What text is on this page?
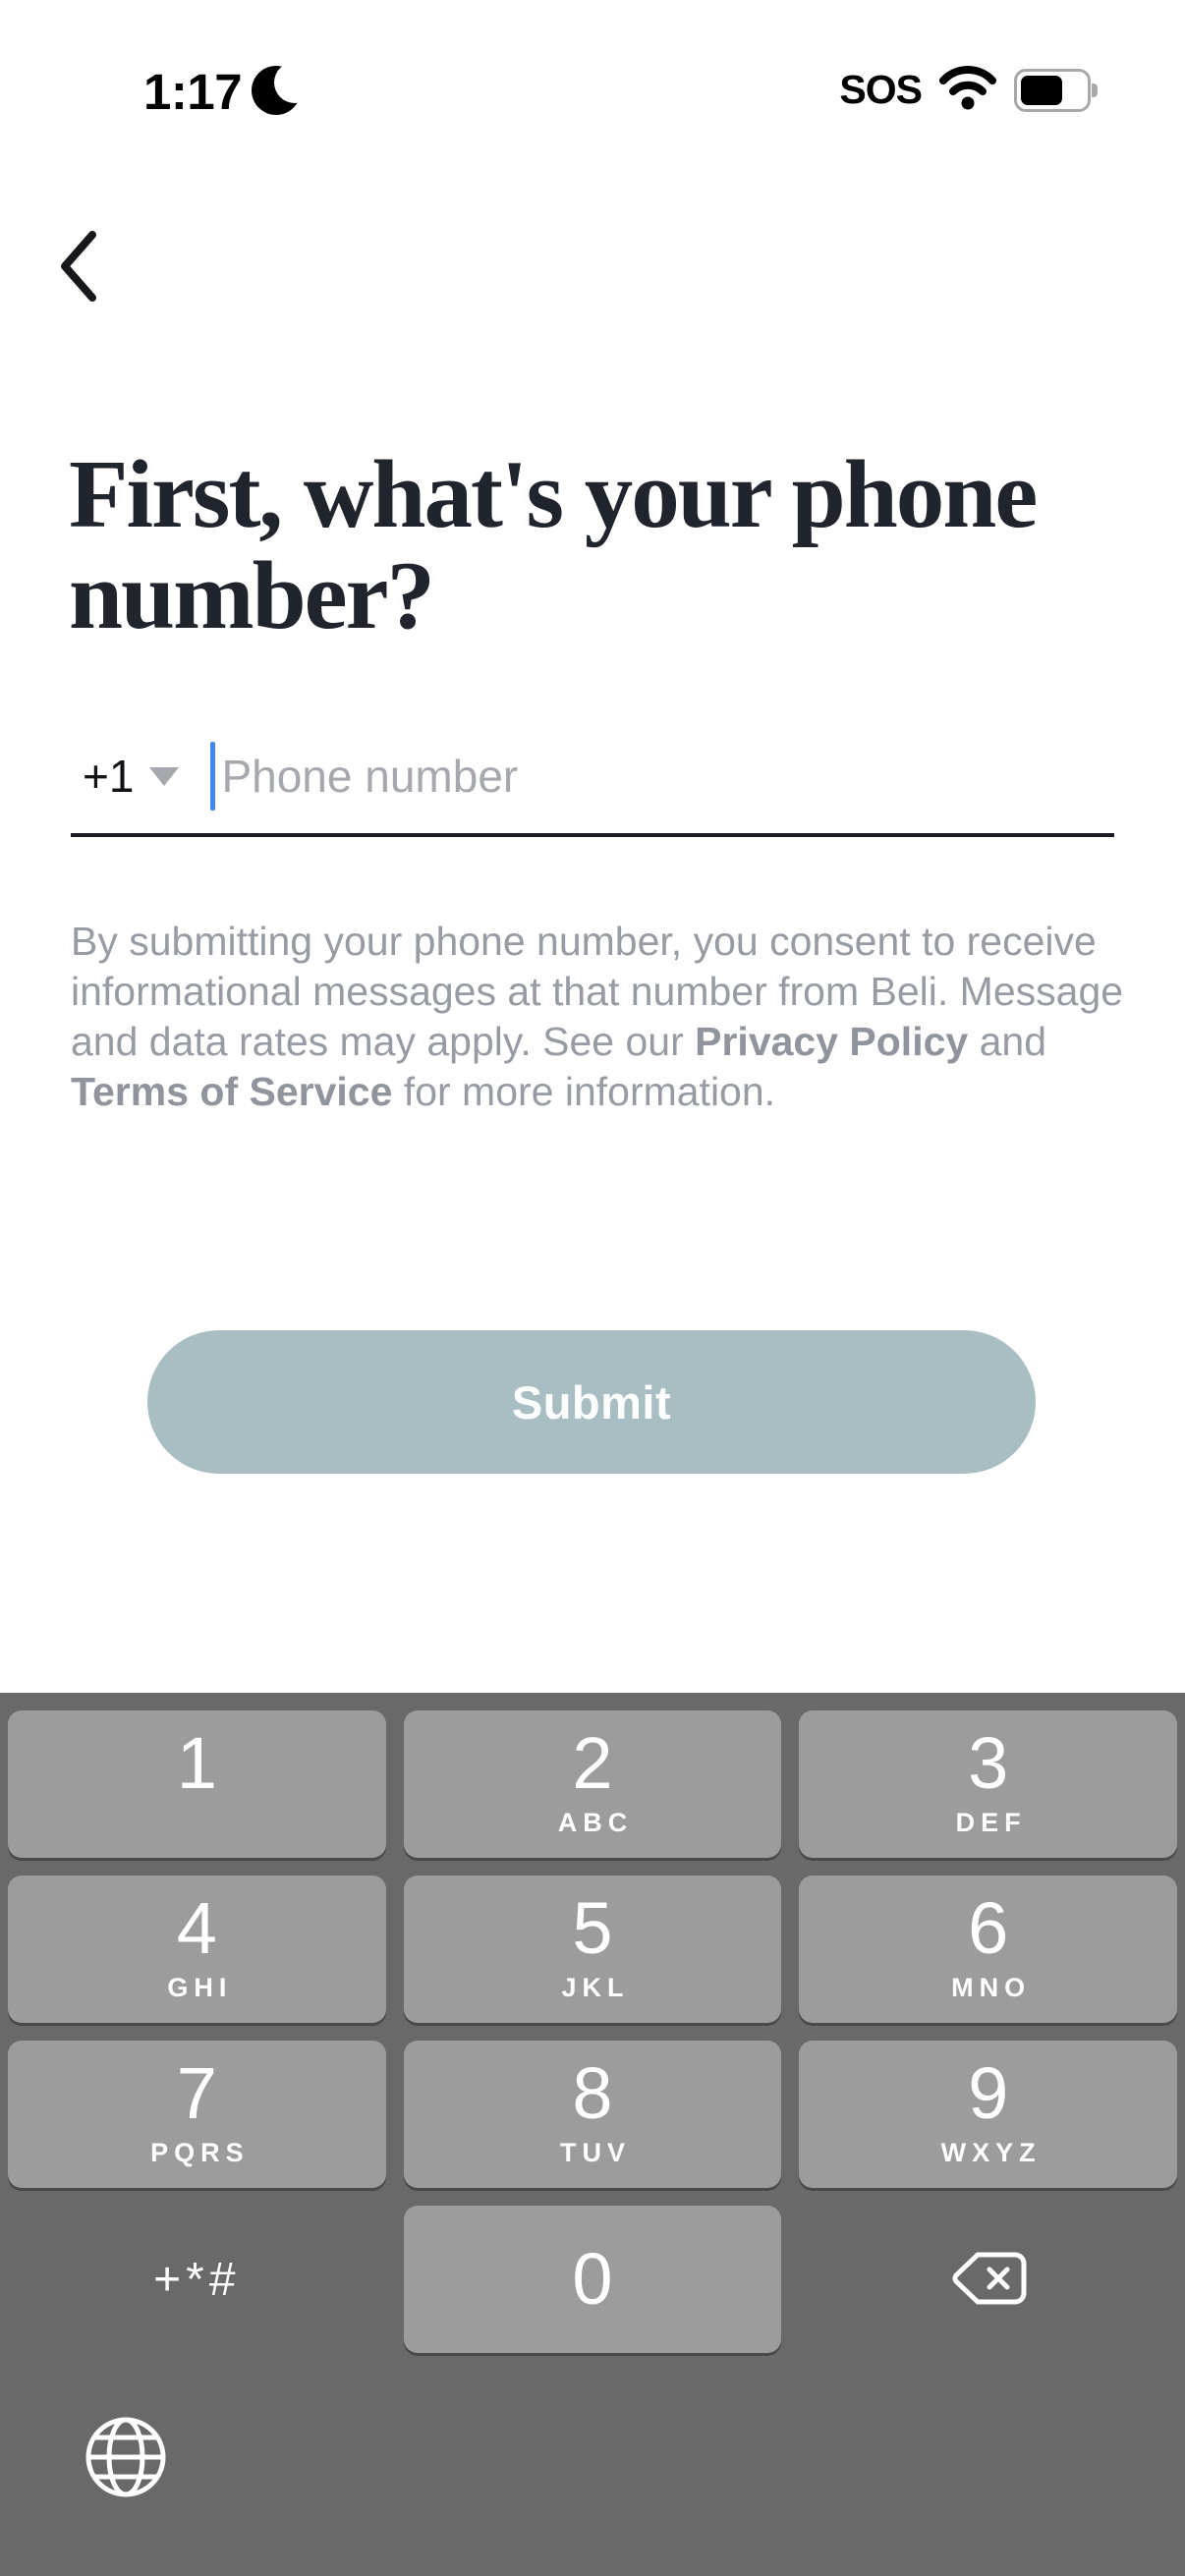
1:17	SOS
First, what's your phone
number?
+1 Phone number

By submitting your phone number, you consent to receive informational messages at that number from Beli. Message and data rates may apply. See our Privacy Policy and Terms of Service for more information.

Submit
1	2
ABC
3
DEF
4
GHI
5
JKL
6
MNO
7
PQRS
8
TUV
9
WXYZ
+*#	0
